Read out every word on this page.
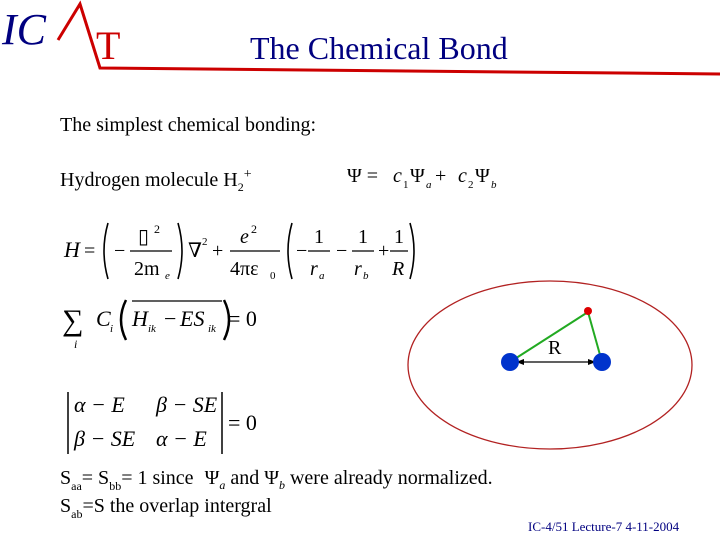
IC T	The Chemical Bond
The simplest chemical bonding:
Hydrogen molecule $H_2^+$	Ψ = c 1 Ψ a + c 2 Ψ b
H = −
▯ 2
2m e
∇ 2 +
e 2
4πε 0
−
1
r a
−
1
r b
+
1
R
∑
i
C i H ik − ES ik = 0
α − E β − SE
β − SE α − E
= 0
R
$S_{aa}= S_{bb}= 1$ since $\Psi_a$ and $\Psi_b$ were already normalized.
$S_{ab}=S$ the overlap intergral
IC-4/51 Lecture-7 4-11-2004
